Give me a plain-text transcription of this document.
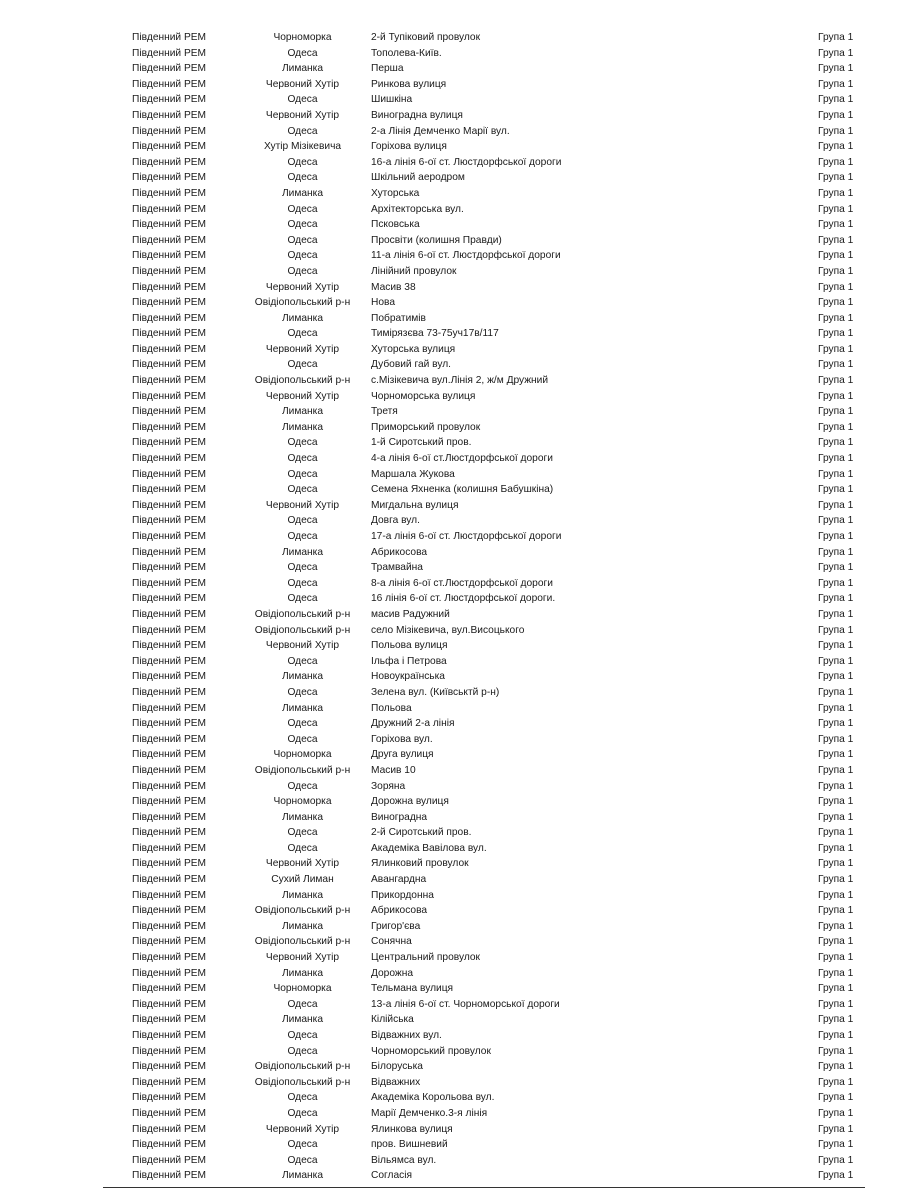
Південний РЕМ	Чорноморка	2-й Тупіковий провулок	Група 1
Південний РЕМ	Одеса	Тополева-Київ.	Група 1
Південний РЕМ	Лиманка	Перша	Група 1
Південний РЕМ	Червоний Хутір	Ринкова вулиця	Група 1
Південний РЕМ	Одеса	Шишкіна	Група 1
Південний РЕМ	Червоний Хутір	Виноградна вулиця	Група 1
Південний РЕМ	Одеса	2-а Лінія Демченко Марії вул.	Група 1
Південний РЕМ	Хутір Мізікевича	Горіхова вулиця	Група 1
Південний РЕМ	Одеса	16-а лінія 6-ої ст. Люстдорфської дороги	Група 1
Південний РЕМ	Одеса	Шкільний аеродром	Група 1
Південний РЕМ	Лиманка	Хуторська	Група 1
Південний РЕМ	Одеса	Архітекторська вул.	Група 1
Південний РЕМ	Одеса	Псковська	Група 1
Південний РЕМ	Одеса	Просвіти (колишня Правди)	Група 1
Південний РЕМ	Одеса	11-а лінія 6-ої ст. Люстдорфської дороги	Група 1
Південний РЕМ	Одеса	Лінійний провулок	Група 1
Південний РЕМ	Червоний Хутір	Масив 38	Група 1
Південний РЕМ	Овідіопольський р-н	Нова	Група 1
Південний РЕМ	Лиманка	Побратимів	Група 1
Південний РЕМ	Одеса	Тимірязєва 73-75уч17в/117	Група 1
Південний РЕМ	Червоний Хутір	Хуторська вулиця	Група 1
Південний РЕМ	Одеса	Дубовий гай вул.	Група 1
Південний РЕМ	Овідіопольський р-н	с.Мізікевича вул.Лінія 2, ж/м Дружний	Група 1
Південний РЕМ	Червоний Хутір	Чорноморська вулиця	Група 1
Південний РЕМ	Лиманка	Третя	Група 1
Південний РЕМ	Лиманка	Приморський провулок	Група 1
Південний РЕМ	Одеса	1-й Сиротський пров.	Група 1
Південний РЕМ	Одеса	4-а лінія 6-ої ст.Люстдорфської дороги	Група 1
Південний РЕМ	Одеса	Маршала Жукова	Група 1
Південний РЕМ	Одеса	Семена Яхненка (колишня Бабушкіна)	Група 1
Південний РЕМ	Червоний Хутір	Мигдальна вулиця	Група 1
Південний РЕМ	Одеса	Довга вул.	Група 1
Південний РЕМ	Одеса	17-а лінія 6-ої ст. Люстдорфської дороги	Група 1
Південний РЕМ	Лиманка	Абрикосова	Група 1
Південний РЕМ	Одеса	Трамвайна	Група 1
Південний РЕМ	Одеса	8-а лінія 6-ої ст.Люстдорфської дороги	Група 1
Південний РЕМ	Одеса	16 лінія 6-ої ст. Люстдорфської дороги.	Група 1
Південний РЕМ	Овідіопольський р-н	масив Радужний	Група 1
Південний РЕМ	Овідіопольський р-н	село Мізікевича, вул.Висоцького	Група 1
Південний РЕМ	Червоний Хутір	Польова вулиця	Група 1
Південний РЕМ	Одеса	Ільфа і Петрова	Група 1
Південний РЕМ	Лиманка	Новоукраїнська	Група 1
Південний РЕМ	Одеса	Зелена вул. (Київськтй р-н)	Група 1
Південний РЕМ	Лиманка	Польова	Група 1
Південний РЕМ	Одеса	Дружний 2-а лінія	Група 1
Південний РЕМ	Одеса	Горіхова вул.	Група 1
Південний РЕМ	Чорноморка	Друга вулиця	Група 1
Південний РЕМ	Овідіопольський р-н	Масив 10	Група 1
Південний РЕМ	Одеса	Зоряна	Група 1
Південний РЕМ	Чорноморка	Дорожна вулиця	Група 1
Південний РЕМ	Лиманка	Виноградна	Група 1
Південний РЕМ	Одеса	2-й Сиротський пров.	Група 1
Південний РЕМ	Одеса	Академіка Вавілова вул.	Група 1
Південний РЕМ	Червоний Хутір	Ялинковий провулок	Група 1
Південний РЕМ	Сухий Лиман	Авангардна	Група 1
Південний РЕМ	Лиманка	Прикордонна	Група 1
Південний РЕМ	Овідіопольський р-н	Абрикосова	Група 1
Південний РЕМ	Лиманка	Григор'єва	Група 1
Південний РЕМ	Овідіопольський р-н	Сонячна	Група 1
Південний РЕМ	Червоний Хутір	Центральний провулок	Група 1
Південний РЕМ	Лиманка	Дорожна	Група 1
Південний РЕМ	Чорноморка	Тельмана вулиця	Група 1
Південний РЕМ	Одеса	13-а лінія 6-ої ст. Чорноморської дороги	Група 1
Південний РЕМ	Лиманка	Кілійська	Група 1
Південний РЕМ	Одеса	Відважних вул.	Група 1
Південний РЕМ	Одеса	Чорноморський провулок	Група 1
Південний РЕМ	Овідіопольський р-н	Білоруська	Група 1
Південний РЕМ	Овідіопольський р-н	Відважних	Група 1
Південний РЕМ	Одеса	Академіка Корольова вул.	Група 1
Південний РЕМ	Одеса	Марії Демченко.3-я лінія	Група 1
Південний РЕМ	Червоний Хутір	Ялинкова вулиця	Група 1
Південний РЕМ	Одеса	пров. Вишневий	Група 1
Південний РЕМ	Одеса	Вільямса вул.	Група 1
Південний РЕМ	Лиманка	Согласія	Група 1
